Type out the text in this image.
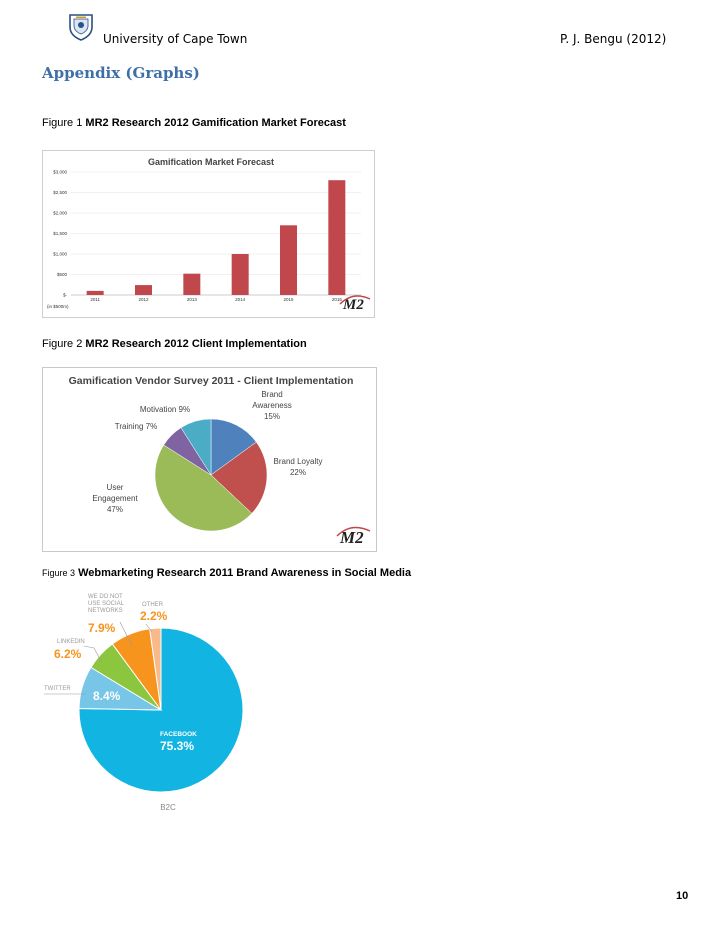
University of Cape Town	P. J. Bengu (2012)
Appendix (Graphs)
Figure 1 MR2 Research 2012 Gamification Market Forecast
Gamification Market Forecast
$-
$500
$1,000
$1,500
$2,000
$2,500
$3,000
2011	2012	2013	2014	2015	2016
(in $500m)	M2
Figure 2 MR2 Research 2012 Client Implementation
Gamification Vendor Survey 2011 - Client Implementation
Brand Awareness 15%
Brand Loyalty 22%
User Engagement 47%
Training 7%
Motivation 9%
M2
Figure 3 Webmarketing Research 2011 Brand Awareness in Social Media
FACEBOOK
75.3%
TWITTER 8.4%
LINKEDIN
6.2%
WE DO NOT USE SOCIAL NETWORKS
7.9%
OTHER
2.2%
B2C
10
